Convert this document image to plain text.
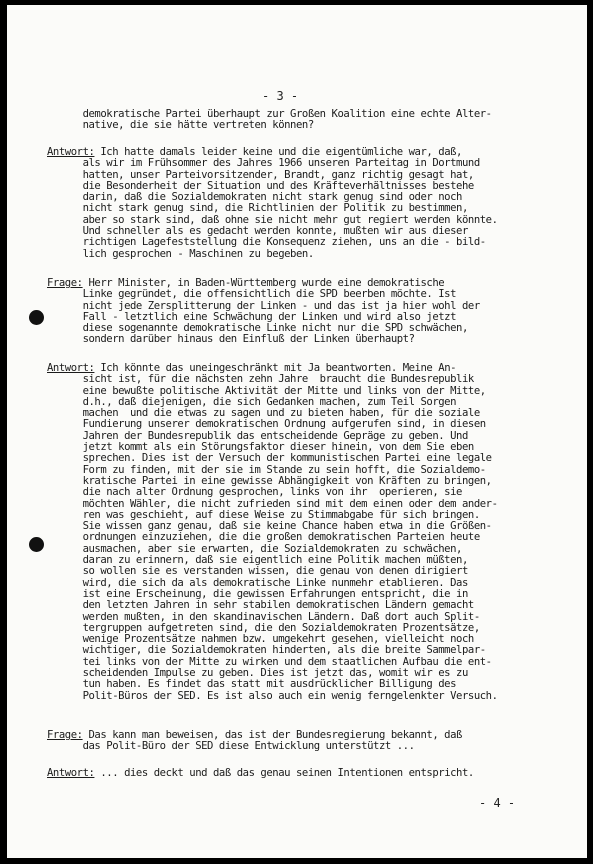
- 3 -
demokratische Partei überhaupt zur Großen Koalition eine echte Alter-
native, die sie hätte vertreten können?
Antwort: Ich hatte damals leider keine und die eigentümliche war, daß,
als wir im Frühsommer des Jahres 1966 unseren Parteitag in Dortmund
hatten, unser Parteivorsitzender, Brandt, ganz richtig gesagt hat,
die Besonderheit der Situation und des Kräfteverhältnisses bestehe
darin, daß die Sozialdemokraten nicht stark genug sind oder noch
nicht stark genug sind, die Richtlinien der Politik zu bestimmen,
aber so stark sind, daß ohne sie nicht mehr gut regiert werden könnte.
Und schneller als es gedacht werden konnte, mußten wir aus dieser
richtigen Lagefeststellung die Konsequenz ziehen, uns an die - bild-
lich gesprochen - Maschinen zu begeben.
Frage: Herr Minister, in Baden-Württemberg wurde eine demokratische
Linke gegründet, die offensichtlich die SPD beerben möchte. Ist
nicht jede Zersplitterung der Linken - und das ist ja hier wohl der
Fall - letztlich eine Schwächung der Linken und wird also jetzt
diese sogenannte demokratische Linke nicht nur die SPD schwächen,
sondern darüber hinaus den Einfluß der Linken überhaupt?
Antwort: Ich könnte das uneingeschränkt mit Ja beantworten. Meine An-
sicht ist, für die nächsten zehn Jahre  braucht die Bundesrepublik
eine bewußte politische Aktivität der Mitte und links von der Mitte,
d.h., daß diejenigen, die sich Gedanken machen, zum Teil Sorgen
machen  und die etwas zu sagen und zu bieten haben, für die soziale
Fundierung unserer demokratischen Ordnung aufgerufen sind, in diesen
Jahren der Bundesrepublik das entscheidende Gepräge zu geben. Und
jetzt kommt als ein Störungsfaktor dieser hinein, von dem Sie eben
sprechen. Dies ist der Versuch der kommunistischen Partei eine legale
Form zu finden, mit der sie im Stande zu sein hofft, die Sozialdemo-
kratische Partei in eine gewisse Abhängigkeit von Kräften zu bringen,
die nach alter Ordnung gesprochen, links von ihr  operieren, sie
möchten Wähler, die nicht zufrieden sind mit dem einen oder dem ander-
ren was geschieht, auf diese Weise zu Stimmabgabe für sich bringen.
Sie wissen ganz genau, daß sie keine Chance haben etwa in die Größen-
ordnungen einzuziehen, die die großen demokratischen Parteien heute
ausmachen, aber sie erwarten, die Sozialdemokraten zu schwächen,
daran zu erinnern, daß sie eigentlich eine Politik machen müßten,
so wollen sie es verstanden wissen, die genau von denen dirigiert
wird, die sich da als demokratische Linke nunmehr etablieren. Das
ist eine Erscheinung, die gewissen Erfahrungen entspricht, die in
den letzten Jahren in sehr stabilen demokratischen Ländern gemacht
werden mußten, in den skandinavischen Ländern. Daß dort auch Split-
tergruppen aufgetreten sind, die den Sozialdemokraten Prozentsätze,
wenige Prozentsätze nahmen bzw. umgekehrt gesehen, vielleicht noch
wichtiger, die Sozialdemokraten hinderten, als die breite Sammelpar-
tei links von der Mitte zu wirken und dem staatlichen Aufbau die ent-
scheidenden Impulse zu geben. Dies ist jetzt das, womit wir es zu
tun haben. Es findet das statt mit ausdrücklicher Billigung des
Polit-Büros der SED. Es ist also auch ein wenig ferngelenkter Versuch.
Frage: Das kann man beweisen, das ist der Bundesregierung bekannt, daß
das Polit-Büro der SED diese Entwicklung unterstützt ...
Antwort: ... dies deckt und daß das genau seinen Intentionen entspricht.
- 4 -
